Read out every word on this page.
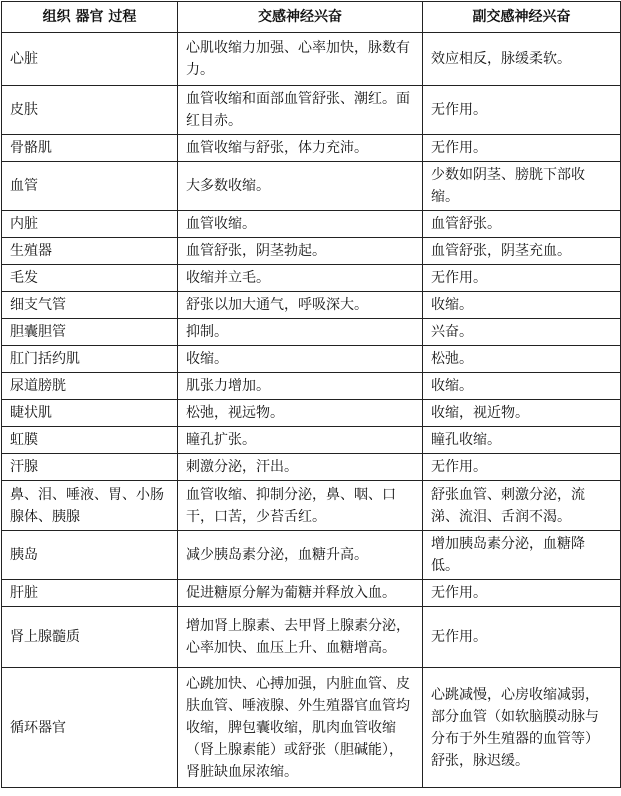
组织 器官 过程	交感神经兴奋	副交感神经兴奋
心脏	心肌收缩力加强、心率加快，脉数有力。	效应相反，脉缓柔软。
皮肤	血管收缩和面部血管舒张、潮红。面红目赤。	无作用。
骨骼肌	血管收缩与舒张，体力充沛。	无作用。
血管	大多数收缩。	少数如阴茎、膀胱下部收缩。
内脏	血管收缩。	血管舒张。
生殖器	血管舒张，阴茎勃起。	血管舒张，阴茎充血。
毛发	收缩并立毛。	无作用。
细支气管	舒张以加大通气，呼吸深大。	收缩。
胆囊胆管	抑制。	兴奋。
肛门括约肌	收缩。	松弛。
尿道膀胱	肌张力增加。	收缩。
睫状肌	松弛，视远物。	收缩，视近物。
虹膜	瞳孔扩张。	瞳孔收缩。
汗腺	刺激分泌，汗出。	无作用。
鼻、泪、唾液、胃、小肠腺体、胰腺	血管收缩、抑制分泌，鼻、咽、口干，口苦，少苔舌红。	舒张血管、刺激分泌，流涕、流泪、舌润不渴。
胰岛	减少胰岛素分泌，血糖升高。	增加胰岛素分泌，血糖降低。
肝脏	促进糖原分解为葡糖并释放入血。	无作用。
肾上腺髓质	增加肾上腺素、去甲肾上腺素分泌，心率加快、血压上升、血糖增高。	无作用。
循环器官	心跳加快、心搏加强，内脏血管、皮肤血管、唾液腺、外生殖器官血管均收缩，脾包囊收缩，肌肉血管收缩（肾上腺素能）或舒张（胆碱能），肾脏缺血尿浓缩。	心跳减慢，心房收缩减弱，部分血管（如软脑膜动脉与分布于外生殖器的血管等）舒张，脉迟缓。
